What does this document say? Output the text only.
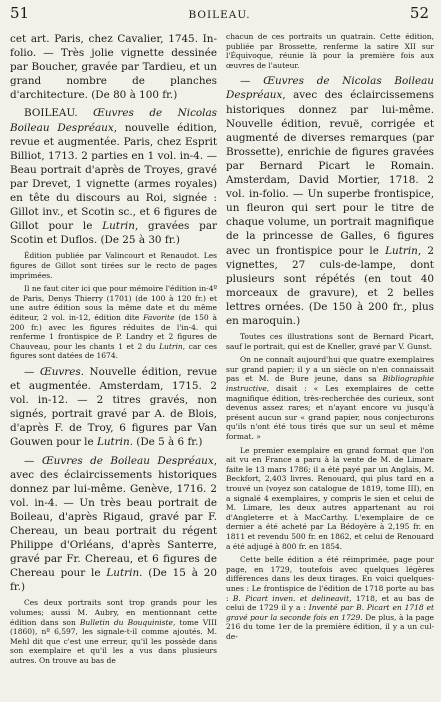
51	BOILEAU.	52

cet art. Paris, chez Cavalier, 1745. In-folio. — Très jolie vignette dessinée par Boucher, gravée par Tardieu, et un grand nombre de planches d'architecture. (De 80 à 100 fr.)

BOILEAU. Œuvres de Nicolas Boileau Despréaux, nouvelle édition, revue et augmentée. Paris, chez Esprit Billiot, 1713. 2 parties en 1 vol. in-4. — Beau portrait d'après de Troyes, gravé par Drevet, 1 vignette (armes royales) en tête du discours au Roi, signée : Gillot inv., et Scotin sc., et 6 figures de Gillot pour le Lutrin, gravées par Scotin et Duflos. (De 25 à 30 fr.)

Édition publiée par Valincourt et Renaudot. Les figures de Gillot sont tirées sur le recto de pages imprimées.

Il ne faut citer ici que pour mémoire l'édition in-4º de Paris, Denys Thierry (1701) (de 100 à 120 fr.) et une autre édition sous la même date et du même éditeur, 2 vol. in-12, édition dite Favorite (de 150 à 200 fr.) avec les figures réduites de l'in-4. qui renferme 1 frontispice de P. Landry et 2 figures de Chauveau, pour les chants 1 et 2 du Lutrin, car ces figures sont datées de 1674.

— Œuvres. Nouvelle édition, revue et augmentée. Amsterdam, 1715. 2 vol. in-12. — 2 titres gravés, non signés, portrait gravé par A. de Blois, d'après F. de Troy, 6 figures par Van Gouwen pour le Lutrin. (De 5 à 6 fr.)

— Œuvres de Boileau Despréaux, avec des éclaircissements historiques donnez par lui-même. Genève, 1716. 2 vol. in-4. — Un très beau portrait de Boileau, d'après Rigaud, gravé par F. Chereau, un beau portrait du régent Philippe d'Orléans, d'après Santerre, gravé par Fr. Chereau, et 6 figures de Chereau pour le Lutrin. (De 15 à 20 fr.)

Ces deux portraits sont trop grands pour les volumes; aussi M. Aubry, en mentionnant cette édition dans son Bulletin du Bouquiniste, tome VIII (1860), nº 6,597, les signale-t-il comme ajoutés. M. Mehl dit que c'est une erreur, qu'il les possède dans son exemplaire et qu'il les a vus dans plusieurs autres. On trouve au bas de

chacun de ces portraits un quatrain. Cette édition, publiée par Brossette, renferme la satire XII sur l'Équivoque, réunie là pour la première fois aux œuvres de l'auteur.

— Œuvres de Nicolas Boileau Despréaux, avec des éclaircissemens historiques donnez par lui-même. Nouvelle édition, revuë, corrigée et augmenté de diverses remarques (par Brossette), enrichie de figures gravées par Bernard Picart le Romain. Amsterdam, David Mortier, 1718. 2 vol. in-folio. — Un superbe frontispice, un fleuron qui sert pour le titre de chaque volume, un portrait magnifique de la princesse de Galles, 6 figures avec un frontispice pour le Lutrin, 2 vignettes, 27 culs-de-lampe, dont plusieurs sont répétés (en tout 40 morceaux de gravure), et 2 belles lettres ornées. (De 150 à 200 fr., plus en maroquin.)

Toutes ces illustrations sont de Bernard Picart, sauf le portrait, qui est de Kneller, gravé par V. Gunst.

On ne connaît aujourd'hui que quatre exemplaires sur grand papier; il y a un siècle on n'en connaissait pas et M. de Bure jeune, dans sa Bibliographie instructive, disait : « Les exemplaires de cette magnifique édition, très-recherchée des curieux, sont devenus assez rares; et n'ayant encore vu jusqu'à présent aucun sur « grand papier, nous conjecturons qu'ils n'ont été tous tirés que sur un seul et même format. »

Le premier exemplaire en grand format que l'on ait vu en France a paru à la vente de M. de Limare faite le 13 mars 1786; il a été payé par un Anglais, M. Beckfort, 2,403 livres. Renouard, qui plus tard en a trouvé un (voyez son catalogue de 1819, tome III), en a signalé 4 exemplaires, y compris le sien et celui de M. Limare, les deux autres appartenant au roi d'Angleterre et à MacCarthy. L'exemplaire de ce dernier a été acheté par La Bédoyère à 2,195 fr. en 1811 et revendu 500 fr. en 1862, et celui de Renouard a été adjugé à 800 fr. en 1854.

Cette belle édition a été réimprimée, page pour page, en 1729, toutefois avec quelques légères différences dans les deux tirages. En voici quelques-unes : Le frontispice de l'édition de 1718 porte au bas : B. Picart inven. et delineavit, 1718, et au bas de celui de 1729 il y a : Inventé par B. Picart en 1718 et gravé pour la seconde fois en 1729. De plus, à la page 216 du tome 1er de la première édition, il y a un cul-de-
